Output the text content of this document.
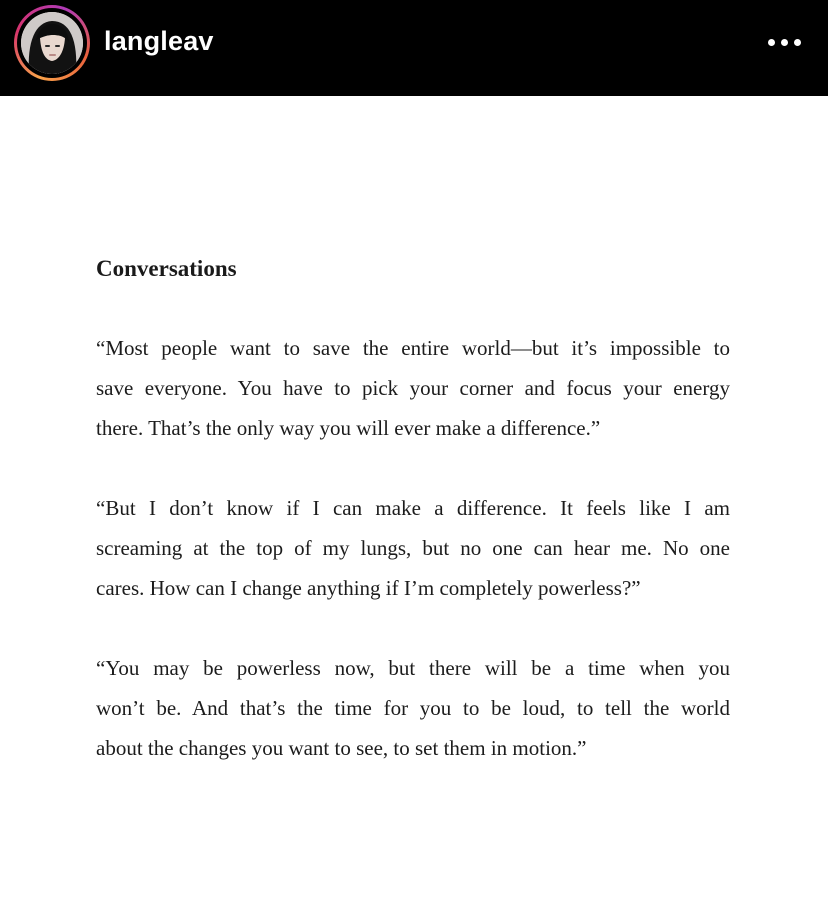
langleav
Conversations
“Most people want to save the entire world—but it’s impossible to
save everyone. You have to pick your corner and focus your energy
there. That’s the only way you will ever make a difference.”
“But I don’t know if I can make a difference. It feels like I am
screaming at the top of my lungs, but no one can hear me. No one
cares. How can I change anything if I’m completely powerless?”
“You may be powerless now, but there will be a time when you
won’t be. And that’s the time for you to be loud, to tell the world
about the changes you want to see, to set them in motion.”
